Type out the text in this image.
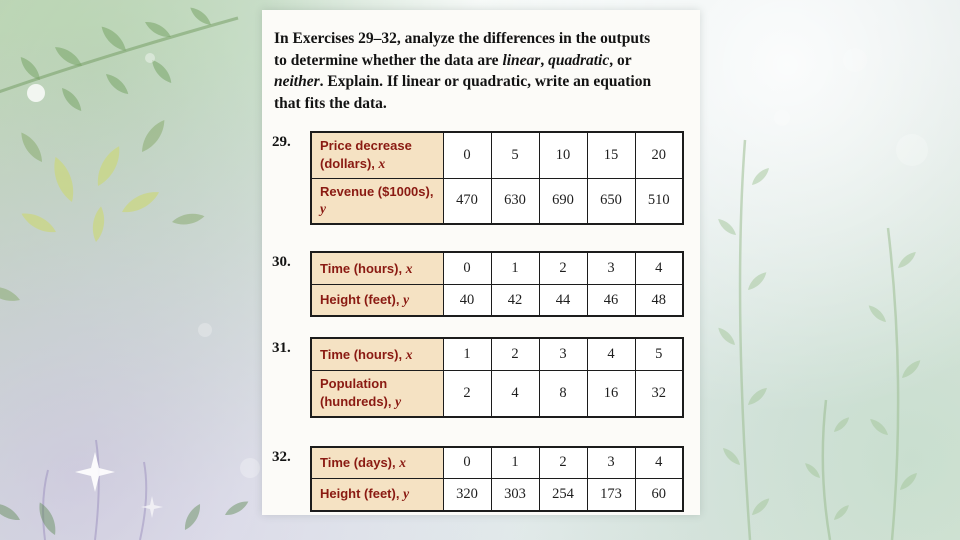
In Exercises 29–32, analyze the differences in the outputs to determine whether the data are linear, quadratic, or neither. Explain. If linear or quadratic, write an equation that fits the data.

29.	Price decrease (dollars), x	0	5	10	15	20
Revenue ($1000s), y	470	630	690	650	510
30.	Time (hours), x	0	1	2	3	4
Height (feet), y	40	42	44	46	48
31.	Time (hours), x	1	2	3	4	5
Population (hundreds), y	2	4	8	16	32
32.	Time (days), x	0	1	2	3	4
Height (feet), y	320	303	254	173	60
